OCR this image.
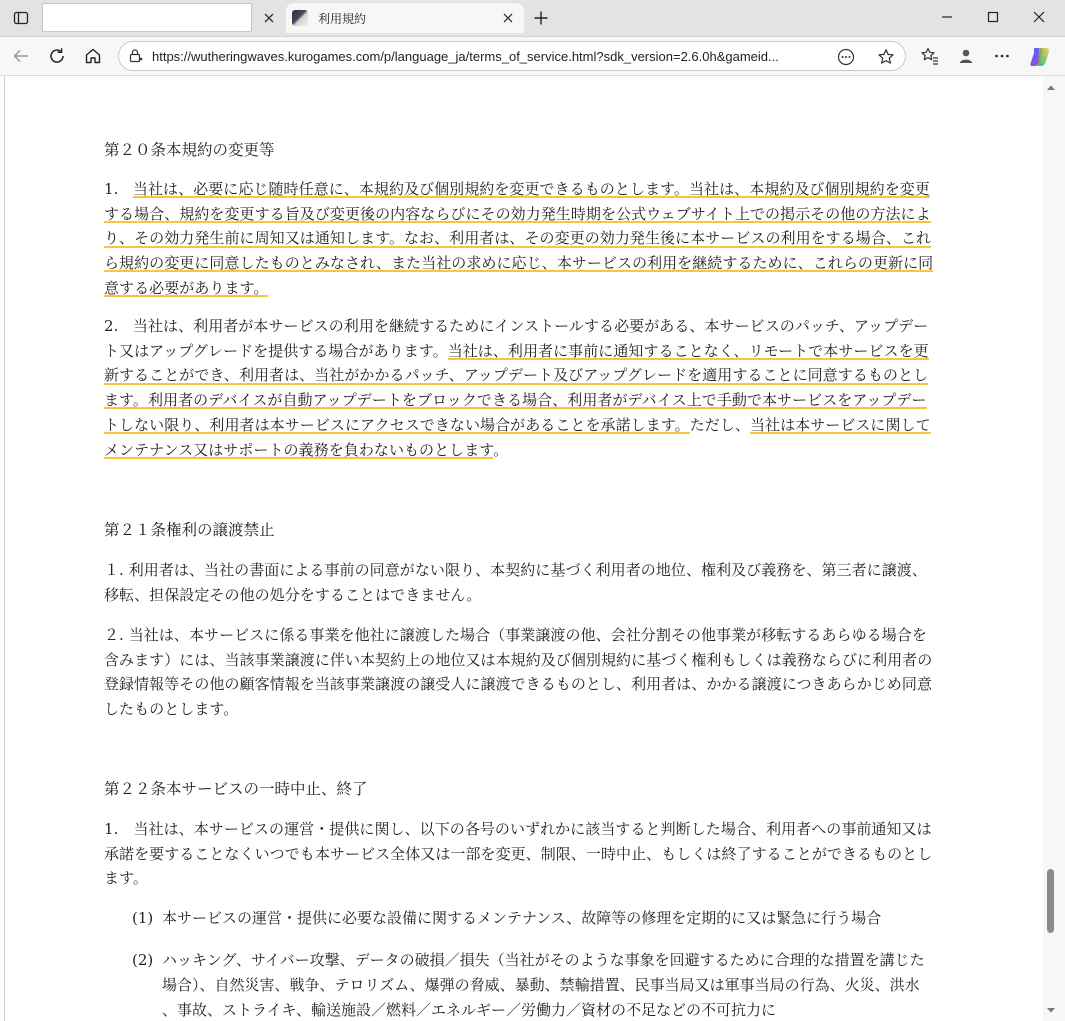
利用規約
https://wutheringwaves.kurogames.com/p/language_ja/terms_of_service.html?sdk_version=2.6.0h&gameid...
第２０条本規約の変更等
1. 当社は、必要に応じ随時任意に、本規約及び個別規約を変更できるものとします。当社は、本規約及び個別規約を変更する場合、規約を変更する旨及び変更後の内容ならびにその効力発生時期を公式ウェブサイト上での掲示その他の方法により、その効力発生前に周知又は通知します。なお、利用者は、その変更の効力発生後に本サービスの利用をする場合、これら規約の変更に同意したものとみなされ、また当社の求めに応じ、本サービスの利用を継続するために、これらの更新に同意する必要があります。
2. 当社は、利用者が本サービスの利用を継続するためにインストールする必要がある、本サービスのパッチ、アップデート又はアップグレードを提供する場合があります。当社は、利用者に事前に通知することなく、リモートで本サービスを更新することができ、利用者は、当社がかかるパッチ、アップデート及びアップグレードを適用することに同意するものとします。利用者のデバイスが自動アップデートをブロックできる場合、利用者がデバイス上で手動で本サービスをアップデートしない限り、利用者は本サービスにアクセスできない場合があることを承諾します。ただし、当社は本サービスに関してメンテナンス又はサポートの義務を負わないものとします。
第２１条権利の譲渡禁止
１. 利用者は、当社の書面による事前の同意がない限り、本契約に基づく利用者の地位、権利及び義務を、第三者に譲渡、移転、担保設定その他の処分をすることはできません。
２. 当社は、本サービスに係る事業を他社に譲渡した場合（事業譲渡の他、会社分割その他事業が移転するあらゆる場合を含みます）には、当該事業譲渡に伴い本契約上の地位又は本規約及び個別規約に基づく権利もしくは義務ならびに利用者の登録情報等その他の顧客情報を当該事業譲渡の譲受人に譲渡できるものとし、利用者は、かかる譲渡につきあらかじめ同意したものとします。
第２２条本サービスの一時中止、終了
1.　当社は、本サービスの運営・提供に関し、以下の各号のいずれかに該当すると判断した場合、利用者への事前通知又は承諾を要することなくいつでも本サービス全体又は一部を変更、制限、一時中止、もしくは終了することができるものとします。
(1) 本サービスの運営・提供に必要な設備に関するメンテナンス、故障等の修理を定期的に又は緊急に行う場合
(2) ハッキング、サイバー攻撃、データの破損／損失（当社がそのような事象を回避するために合理的な措置を講じた場合）、自然災害、戦争、テロリズム、爆弾の脅威、暴動、禁輸措置、民事当局又は軍事当局の行為、火災、洪水、事故、ストライキ、輸送施設／燃料／エネルギー／労働力／資材の不足などの不可抗力に
